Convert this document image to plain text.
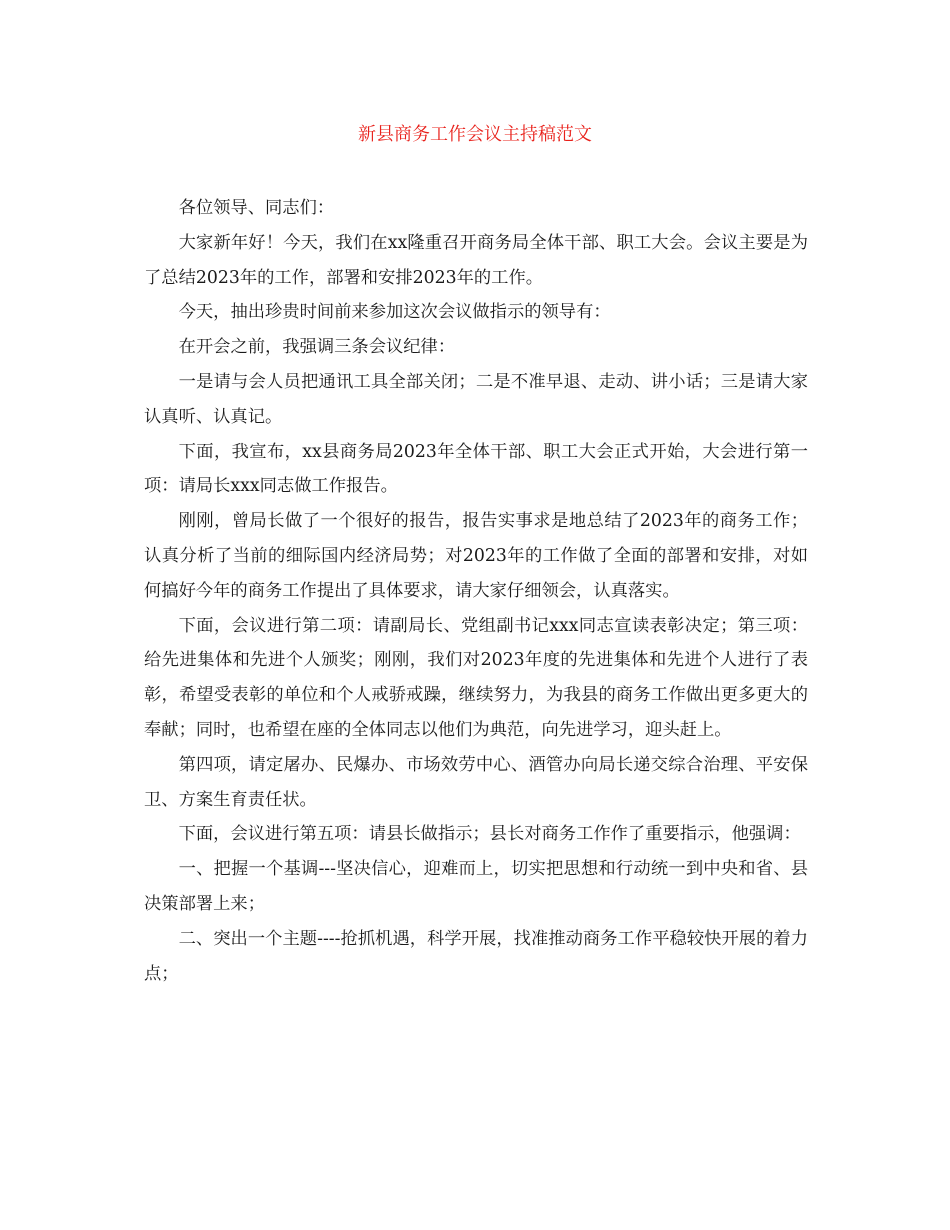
新县商务工作会议主持稿范文

各位领导、同志们：

大家新年好！今天，我们在xx隆重召开商务局全体干部、职工大会。会议主要是为了总结2023年的工作，部署和安排2023年的工作。

今天，抽出珍贵时间前来参加这次会议做指示的领导有：

在开会之前，我强调三条会议纪律：

一是请与会人员把通讯工具全部关闭；二是不准早退、走动、讲小话；三是请大家认真听、认真记。

下面，我宣布，xx县商务局2023年全体干部、职工大会正式开始，大会进行第一项：请局长xxx同志做工作报告。

刚刚，曾局长做了一个很好的报告，报告实事求是地总结了2023年的商务工作；认真分析了当前的细际国内经济局势；对2023年的工作做了全面的部署和安排，对如何搞好今年的商务工作提出了具体要求，请大家仔细领会，认真落实。

下面，会议进行第二项：请副局长、党组副书记xxx同志宣读表彰决定；第三项：给先进集体和先进个人颁奖；刚刚，我们对2023年度的先进集体和先进个人进行了表彰，希望受表彰的单位和个人戒骄戒躁，继续努力，为我县的商务工作做出更多更大的奉献；同时，也希望在座的全体同志以他们为典范，向先进学习，迎头赶上。

第四项，请定屠办、民爆办、市场效劳中心、酒管办向局长递交综合治理、平安保卫、方案生育责任状。

下面，会议进行第五项：请县长做指示；县长对商务工作作了重要指示，他强调：

一、把握一个基调---坚决信心，迎难而上，切实把思想和行动统一到中央和省、县决策部署上来；

二、突出一个主题----抢抓机遇，科学开展，找准推动商务工作平稳较快开展的着力点；
